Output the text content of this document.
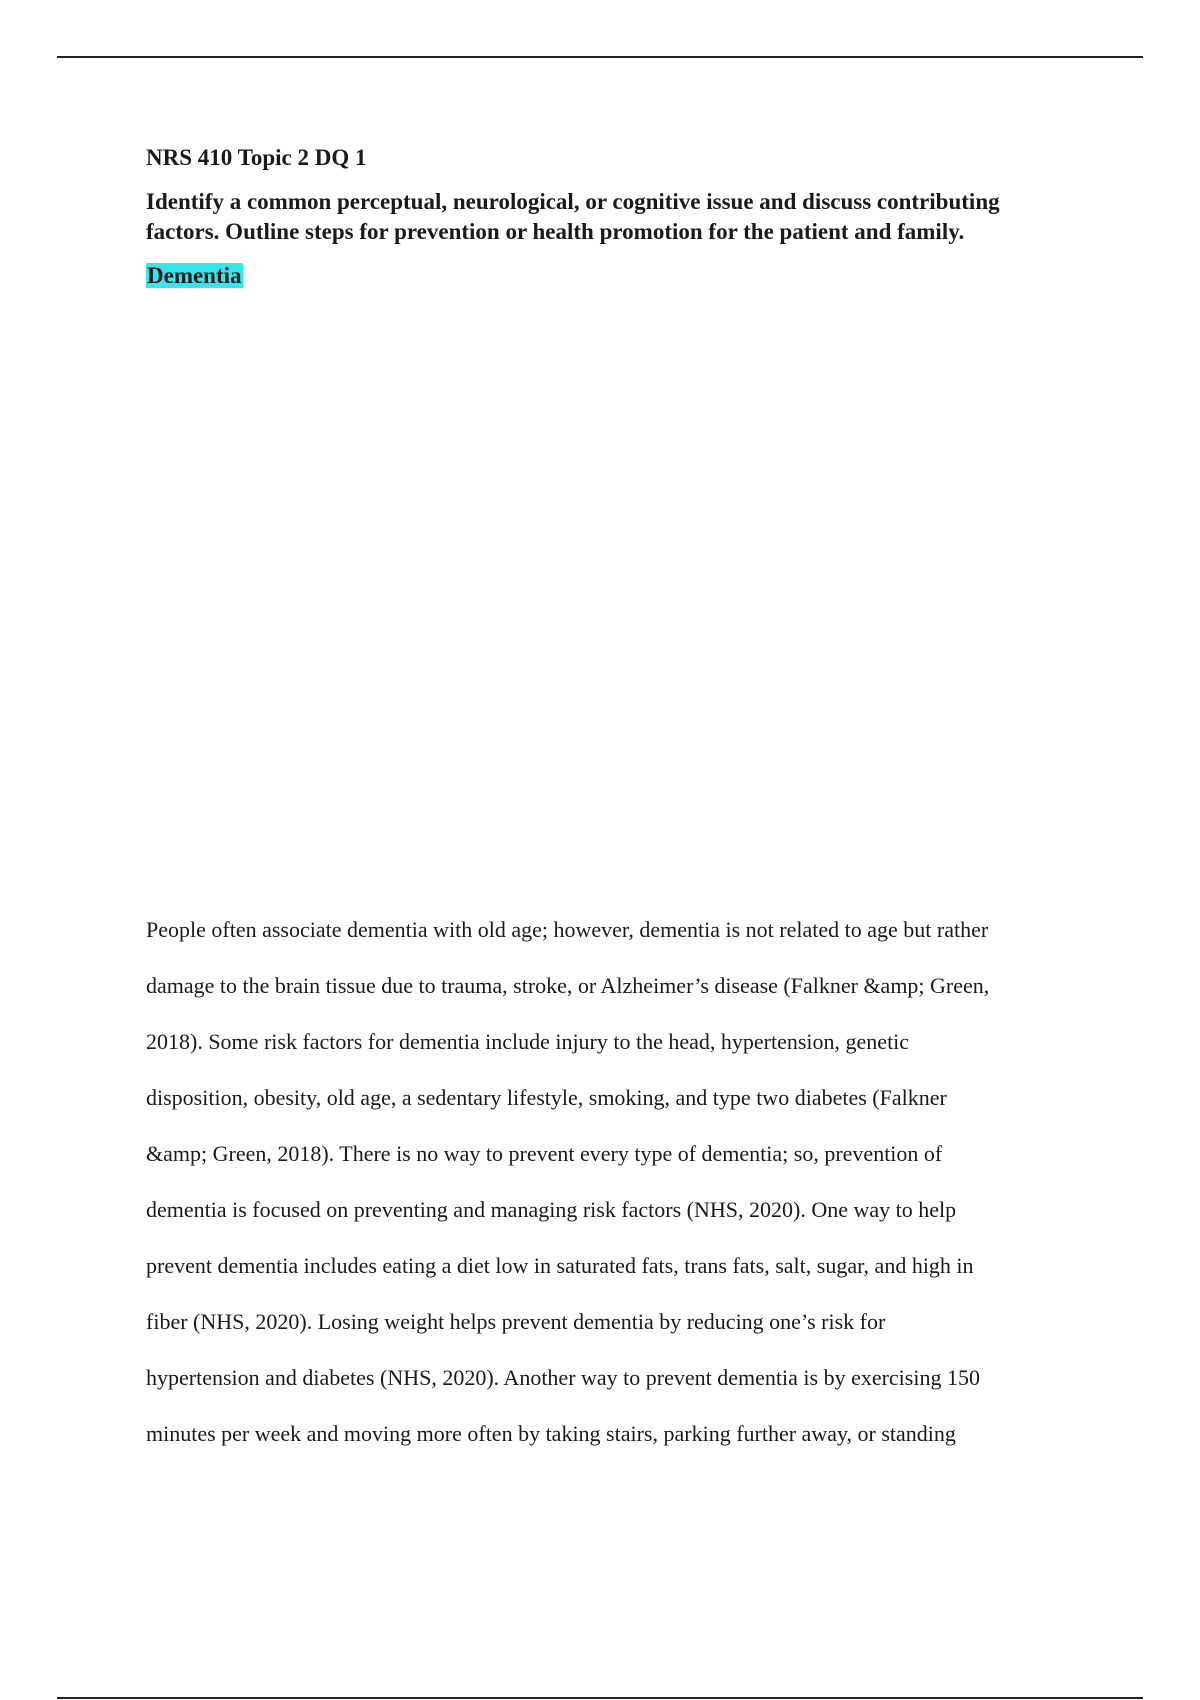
NRS 410 Topic 2 DQ 1
Identify a common perceptual, neurological, or cognitive issue and discuss contributing
factors. Outline steps for prevention or health promotion for the patient and family.
Dementia
People often associate dementia with old age; however, dementia is not related to age but rather
damage to the brain tissue due to trauma, stroke, or Alzheimer’s disease (Falkner &amp; Green,
2018). Some risk factors for dementia include injury to the head, hypertension, genetic
disposition, obesity, old age, a sedentary lifestyle, smoking, and type two diabetes (Falkner
&amp; Green, 2018). There is no way to prevent every type of dementia; so, prevention of
dementia is focused on preventing and managing risk factors (NHS, 2020). One way to help
prevent dementia includes eating a diet low in saturated fats, trans fats, salt, sugar, and high in
fiber (NHS, 2020). Losing weight helps prevent dementia by reducing one’s risk for
hypertension and diabetes (NHS, 2020). Another way to prevent dementia is by exercising 150
minutes per week and moving more often by taking stairs, parking further away, or standing
